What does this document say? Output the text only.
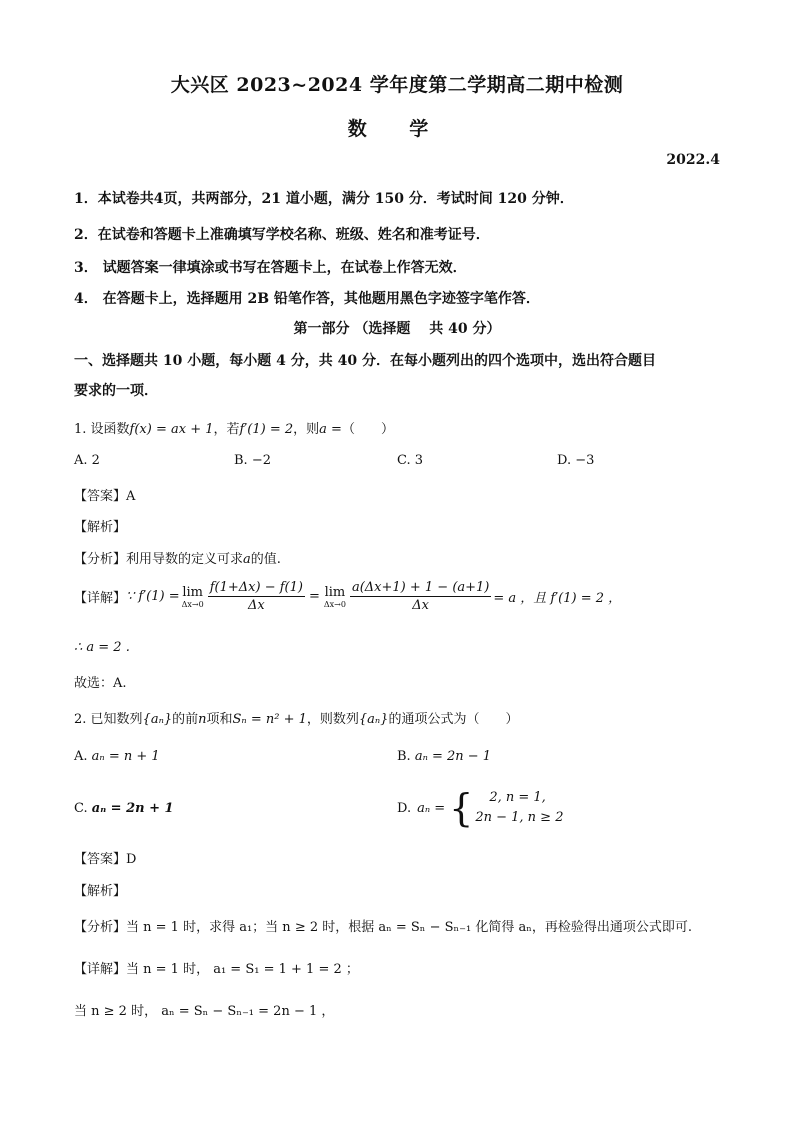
大兴区 2023~2024 学年度第二学期高二期中检测
数 学
2022.4
1．本试卷共4页，共两部分，21 道小题，满分 150 分．考试时间 120 分钟．
2．在试卷和答题卡上准确填写学校名称、班级、姓名和准考证号．
3． 试题答案一律填涂或书写在答题卡上，在试卷上作答无效．
4． 在答题卡上，选择题用 2B 铅笔作答，其他题用黑色字迹签字笔作答．
第一部分 （选择题　 共 40 分）
一、选择题共 10 小题，每小题 4 分，共 40 分．在每小题列出的四个选项中，选出符合题目
要求的一项．
1. 设函数f(x) = ax + 1，若f′(1) = 2，则a =（　　）
A. 2	B. −2	C. 3	D. −3
【答案】A
【解析】
【分析】利用导数的定义可求a的值.
【详解】 ∵ f′(1) = lim
$\Delta x\to 0 \frac{f(1+\Delta x) - f(1)}{\Delta x} = \lim$
$\Delta x\to 0 \frac{a(\Delta x+1) + 1 - (a+1)}{\Delta x} = a$ ，且 f′(1) = 2 ，
∴ a = 2 .
故选：A.
2. 已知数列{aₙ}的前n项和Sₙ = n² + 1，则数列{aₙ}的通项公式为（　　）
A. aₙ = n + 1	B. aₙ = 2n − 1
C. aₙ = 2n + 1	D. aₙ = {	2, n = 1,
2n − 1, n ≥ 2
【答案】D
【解析】
【分析】当 n = 1 时，求得 a₁；当 n ≥ 2 时，根据 aₙ = Sₙ − Sₙ₋₁ 化简得 aₙ，再检验得出通项公式即可.
【详解】当 n = 1 时， a₁ = S₁ = 1 + 1 = 2 ；
当 n ≥ 2 时， aₙ = Sₙ − Sₙ₋₁ = 2n − 1 ，
